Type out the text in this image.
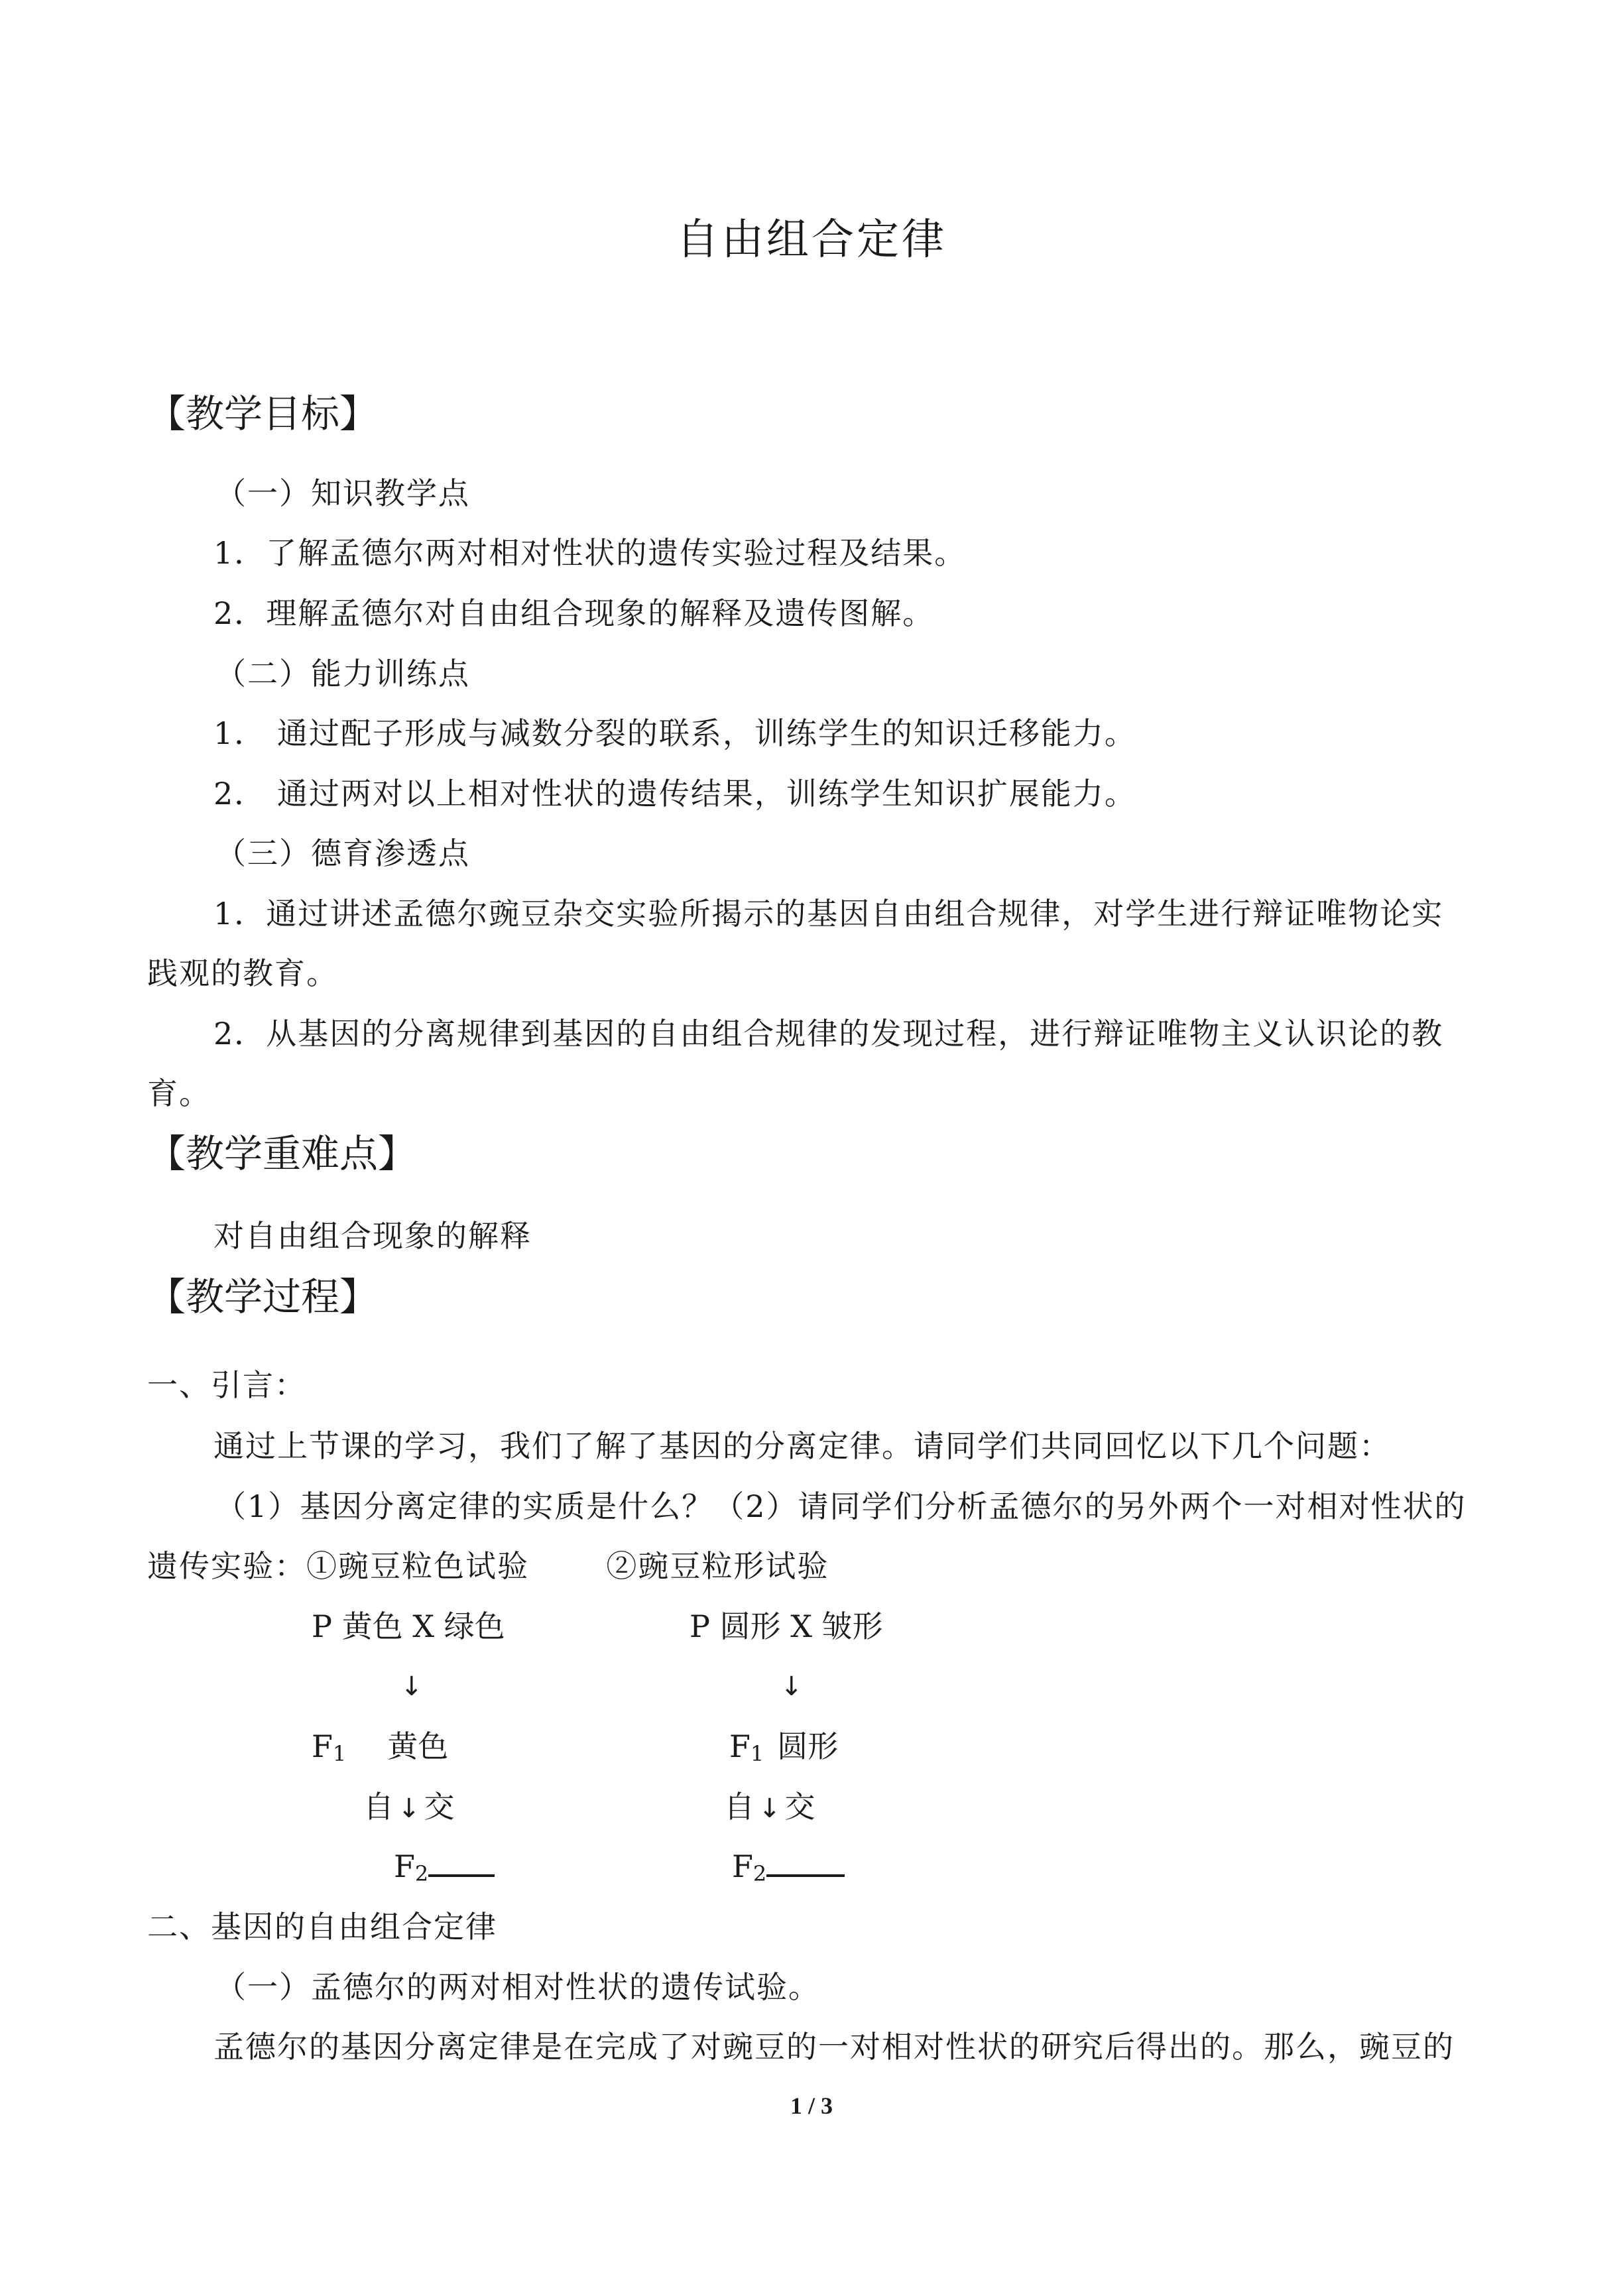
自由组合定律
【教学目标】
（一）知识教学点
1．了解孟德尔两对相对性状的遗传实验过程及结果。
2．理解孟德尔对自由组合现象的解释及遗传图解。
（二）能力训练点
1． 通过配子形成与减数分裂的联系，训练学生的知识迁移能力。
2． 通过两对以上相对性状的遗传结果，训练学生知识扩展能力。
（三）德育渗透点
1．通过讲述孟德尔豌豆杂交实验所揭示的基因自由组合规律，对学生进行辩证唯物论实
践观的教育。
2．从基因的分离规律到基因的自由组合规律的发现过程，进行辩证唯物主义认识论的教
育。
【教学重难点】
对自由组合现象的解释
【教学过程】
一、引言：
通过上节课的学习，我们了解了基因的分离定律。请同学们共同回忆以下几个问题：
（1）基因分离定律的实质是什么？（2）请同学们分析孟德尔的另外两个一对相对性状的
遗传实验：①豌豆粒色试验       ②豌豆粒形试验
P 黄色 X 绿色
↓
F1 黄色
自 ↓ 交
F2
P 圆形 X 皱形
↓
F1 圆形
自 ↓ 交
F2
二、基因的自由组合定律
（一）孟德尔的两对相对性状的遗传试验。
孟德尔的基因分离定律是在完成了对豌豆的一对相对性状的研究后得出的。那么，豌豆的
1 / 3
